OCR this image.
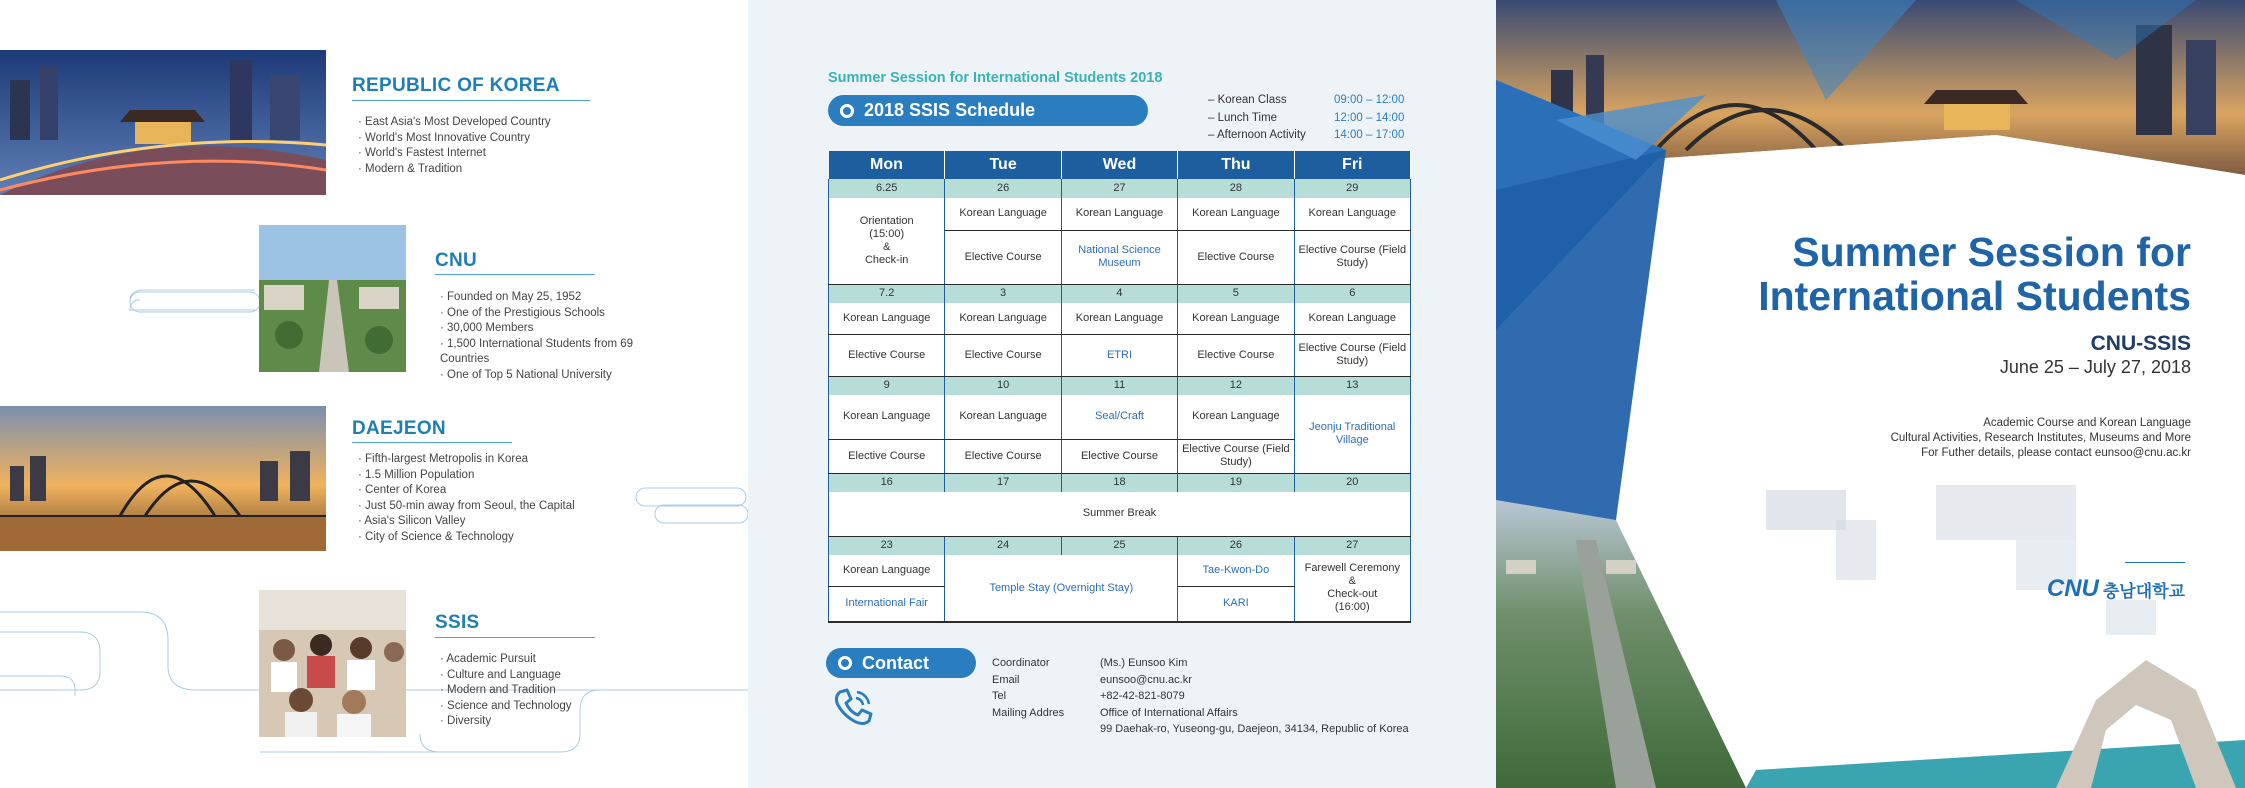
REPUBLIC OF KOREA
· East Asia's Most Developed Country
· World's Most Innovative Country
· World's Fastest Internet
· Modern & Tradition
CNU
· Founded on May 25, 1952
· One of the Prestigious Schools
· 30,000 Members
· 1,500 International Students from 69 Countries
· One of Top 5 National University
DAEJEON
· Fifth-largest Metropolis in Korea
· 1.5 Million Population
· Center of Korea
· Just 50-min away from Seoul, the Capital
· Asia's Silicon Valley
· City of Science & Technology
SSIS
· Academic Pursuit
· Culture and Language
· Modern and Tradition
· Science and Technology
· Diversity
Summer Session for International Students 2018
2018 SSIS Schedule	– Korean Class	09:00 – 12:00
– Lunch Time	12:00 – 14:00
– Afternoon Activity	14:00 – 17:00
Mon	Tue	Wed	Thu	Fri
6.25	26	27	28	29

Orientation
(15:00)
&
Check-in	Korean Language	Korean Language	Korean Language	Korean Language
	Elective Course	National Science Museum	Elective Course	Elective Course (Field Study)
7.2	3	4	5	6
Korean Language	Korean Language	Korean Language	Korean Language	Korean Language
Elective Course	Elective Course	ETRI	Elective Course	Elective Course (Field Study)
9	10	11	12	13
Korean Language	Korean Language	Seal/Craft	Korean Language	Jeonju Traditional Village
Elective Course	Elective Course	Elective Course	Elective Course (Field Study)	
16	17	18	19	20
Summer Break				
23	24	25	26	27
Korean Language	Temple Stay (Overnight Stay)		Tae-Kwon-Do	Farewell Ceremony
&
Check-out
(16:00)

International Fair			KARI	
Contact	Coordinator	(Ms.) Eunsoo Kim
Email	eunsoo@cnu.ac.kr
Tel	+82-42-821-8079
Mailing Addres	Office of International Affairs
99 Daehak-ro, Yuseong-gu, Daejeon, 34134, Republic of Korea
Summer Session for
International Students
CNU-SSIS
June 25 – July 27, 2018
Academic Course and Korean Language
Cultural Activities, Research Institutes, Museums and More
For Futher details, please contact eunsoo@cnu.ac.kr
CNU 충남대학교
